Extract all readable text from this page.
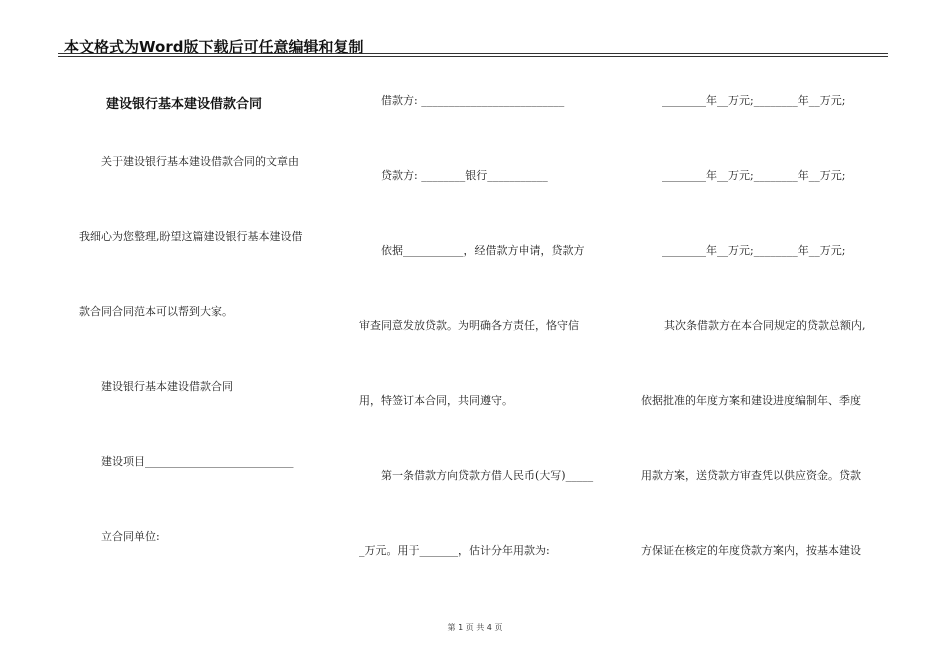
本文格式为Word版下载后可任意编辑和复制
建设银行基本建设借款合同
关于建设银行基本建设借款合同的文章由
我细心为您整理,盼望这篇建设银行基本建设借
款合同合同范本可以帮到大家。
建设银行基本建设借款合同
建设项目___________________________
立合同单位:
借款方: __________________________
贷款方: ________银行___________
依据___________，经借款方申请，贷款方
审查同意发放贷款。为明确各方责任，恪守信
用，特签订本合同，共同遵守。
第一条借款方向贷款方借人民币(大写)_____
_万元。用于_______，估计分年用款为:
________年__万元;________年__万元;
________年__万元;________年__万元;
________年__万元;________年__万元;
其次条借款方在本合同规定的贷款总额内,
依据批准的年度方案和建设进度编制年、季度
用款方案，送贷款方审查凭以供应资金。贷款
方保证在核定的年度贷款方案内，按基本建设
第 1 页 共 4 页
